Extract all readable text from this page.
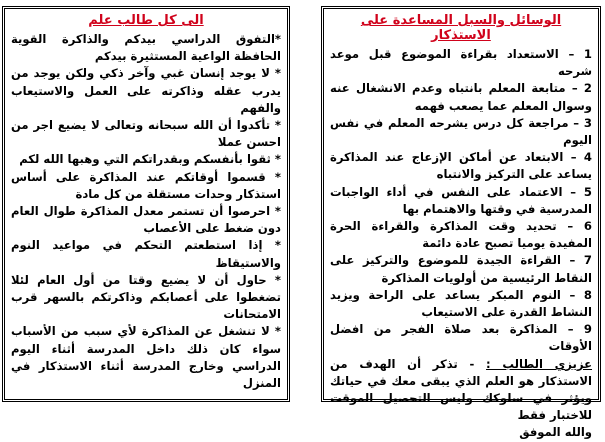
الى كل طالب علم

*التفوق الدراسي بيدكم والذاكرة القوية الحافظة الواعية المستثيرة بيدكم

* لا يوجد إنسان غبي وآخر ذكي ولكن يوجد من يدرب عقله وذاكرته على العمل والاستيعاب والفهم

* تأكدوا أن الله سبحانه وتعالى لا يضيع اجر من احسن عملا

* ثقوا بأنفسكم وبقدراتكم التي وهبها الله لكم

* قسموا أوقاتكم عند المذاكرة على أساس استذكار وحدات مستقلة من كل مادة

* احرصوا أن تستمر معدل المذاكرة طوال العام دون ضغط على الأعصاب

* إذا استطعتم التحكم في مواعيد النوم والاستيقاظ

* حاول أن لا يضيع وقتا من أول العام لئلا تضغطوا على أعصابكم وذاكرتكم بالسهر قرب الامتحانات

* لا تنشغل عن المذاكرة لأي سبب من الأسباب سواء كان ذلك داخل المدرسة أثناء اليوم الدراسي وخارج المدرسة أثناء الاستذكار في المنزل

الوسائل والسبل المساعدة على الاستذكار

1 – الاستعداد بقراءة الموضوع قبل موعد شرحه

2 – متابعة المعلم بانتباه وعدم الانشغال عنه وسوال المعلم عما يصعب فهمه

3 – مراجعة كل درس يشرحه المعلم في نفس اليوم

4 – الابتعاد عن أماكن الإزعاج عند المذاكرة يساعد على التركيز والانتباه

5 – الاعتماد على النفس في أداء الواجبات المدرسية في وقتها والاهتمام بها

6 – تحديد وقت المذاكرة والقراءة الحرة المفيدة يوميا تصبح عادة دائمة

7 – القراءة الجيدة للموضوع والتركيز على النقاط الرئيسية من أولويات المذاكرة

8 – النوم المبكر يساعد على الراحة ويزيد النشاط القدرة على الاستيعاب

9 – المذاكرة بعد صلاة الفجر من افضل الأوقات

عزيزي الطالب : - تذكر أن الهدف من الاستذكار هو العلم الذي يبقى معك في حياتك ويؤثر في سلوكك وليس التحصيل الموقت للاختبار فقط

والله الموفق
